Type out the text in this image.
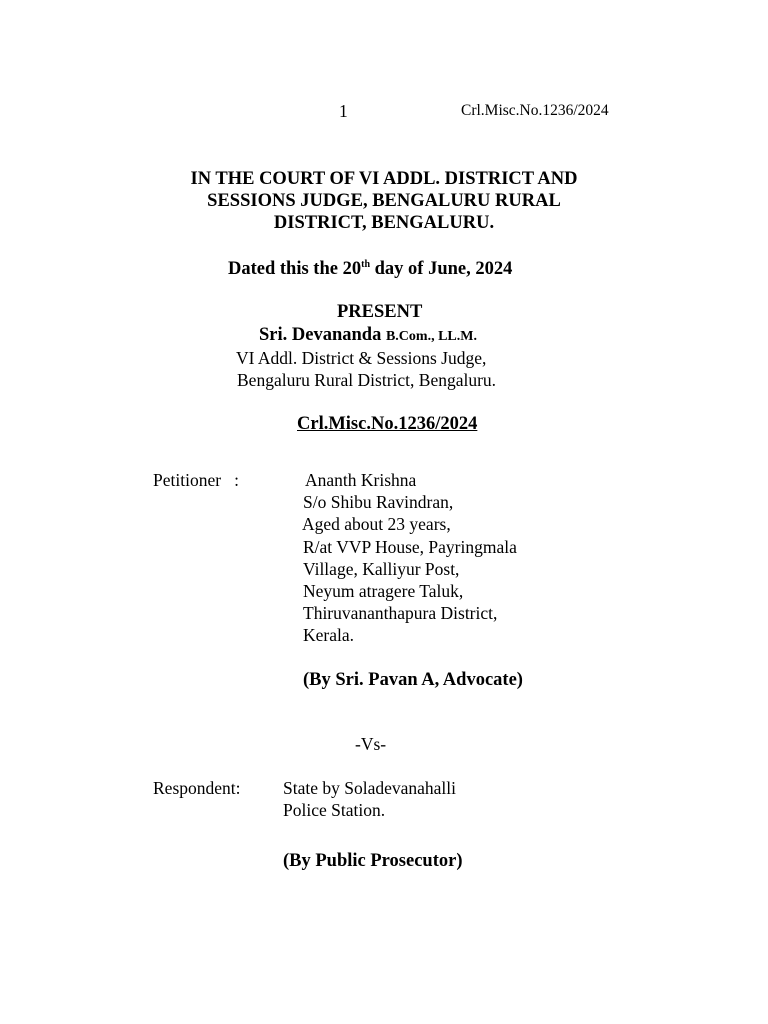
1	Crl.Misc.No.1236/2024
IN THE COURT OF VI ADDL. DISTRICT AND
SESSIONS JUDGE, BENGALURU RURAL
DISTRICT, BENGALURU.
Dated this the 20th day of June, 2024
PRESENT
Sri. Devananda B.Com., LL.M.
VI Addl. District & Sessions Judge,
Bengaluru Rural District, Bengaluru.
Crl.Misc.No.1236/2024
Petitioner   :	Ananth Krishna
S/o Shibu Ravindran,
Aged about 23 years,
R/at VVP House, Payringmala
Village, Kalliyur Post,
Neyum atragere Taluk,
Thiruvananthapura District,
Kerala.
(By Sri. Pavan A, Advocate)
-Vs-
Respondent: State by Soladevanahalli
Police Station.
(By Public Prosecutor)
